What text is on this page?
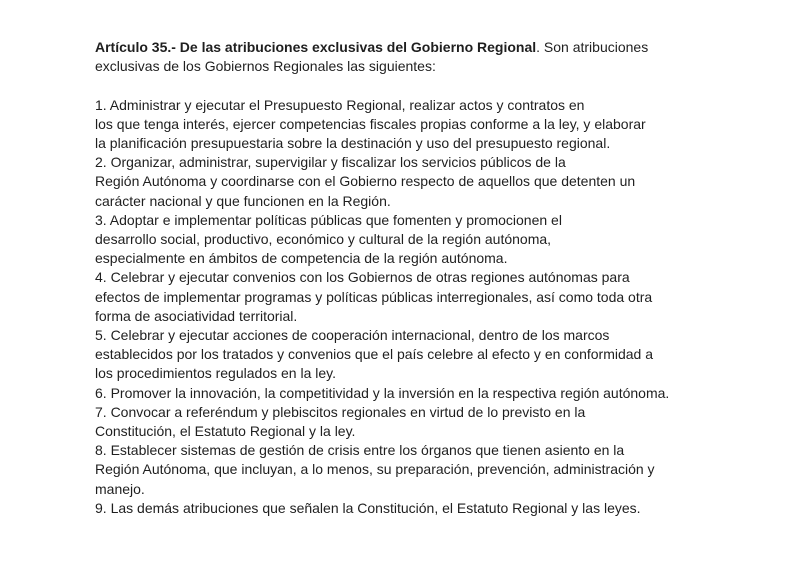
Artículo 35.- De las atribuciones exclusivas del Gobierno Regional. Son atribuciones
exclusivas de los Gobiernos Regionales las siguientes:
1. Administrar y ejecutar el Presupuesto Regional, realizar actos y contratos en
los que tenga interés, ejercer competencias fiscales propias conforme a la ley, y elaborar
la planificación presupuestaria sobre la destinación y uso del presupuesto regional.
2. Organizar, administrar, supervigilar y fiscalizar los servicios públicos de la
Región Autónoma y coordinarse con el Gobierno respecto de aquellos que detenten un
carácter nacional y que funcionen en la Región.
3. Adoptar e implementar políticas públicas que fomenten y promocionen el
desarrollo social, productivo, económico y cultural de la región autónoma,
especialmente en ámbitos de competencia de la región autónoma.
4. Celebrar y ejecutar convenios con los Gobiernos de otras regiones autónomas para
efectos de implementar programas y políticas públicas interregionales, así como toda otra
forma de asociatividad territorial.
5. Celebrar y ejecutar acciones de cooperación internacional, dentro de los marcos
establecidos por los tratados y convenios que el país celebre al efecto y en conformidad a
los procedimientos regulados en la ley.
6. Promover la innovación, la competitividad y la inversión en la respectiva región autónoma.
7. Convocar a referéndum y plebiscitos regionales en virtud de lo previsto en la
Constitución, el Estatuto Regional y la ley.
8. Establecer sistemas de gestión de crisis entre los órganos que tienen asiento en la
Región Autónoma, que incluyan, a lo menos, su preparación, prevención, administración y
manejo.
9. Las demás atribuciones que señalen la Constitución, el Estatuto Regional y las leyes.
